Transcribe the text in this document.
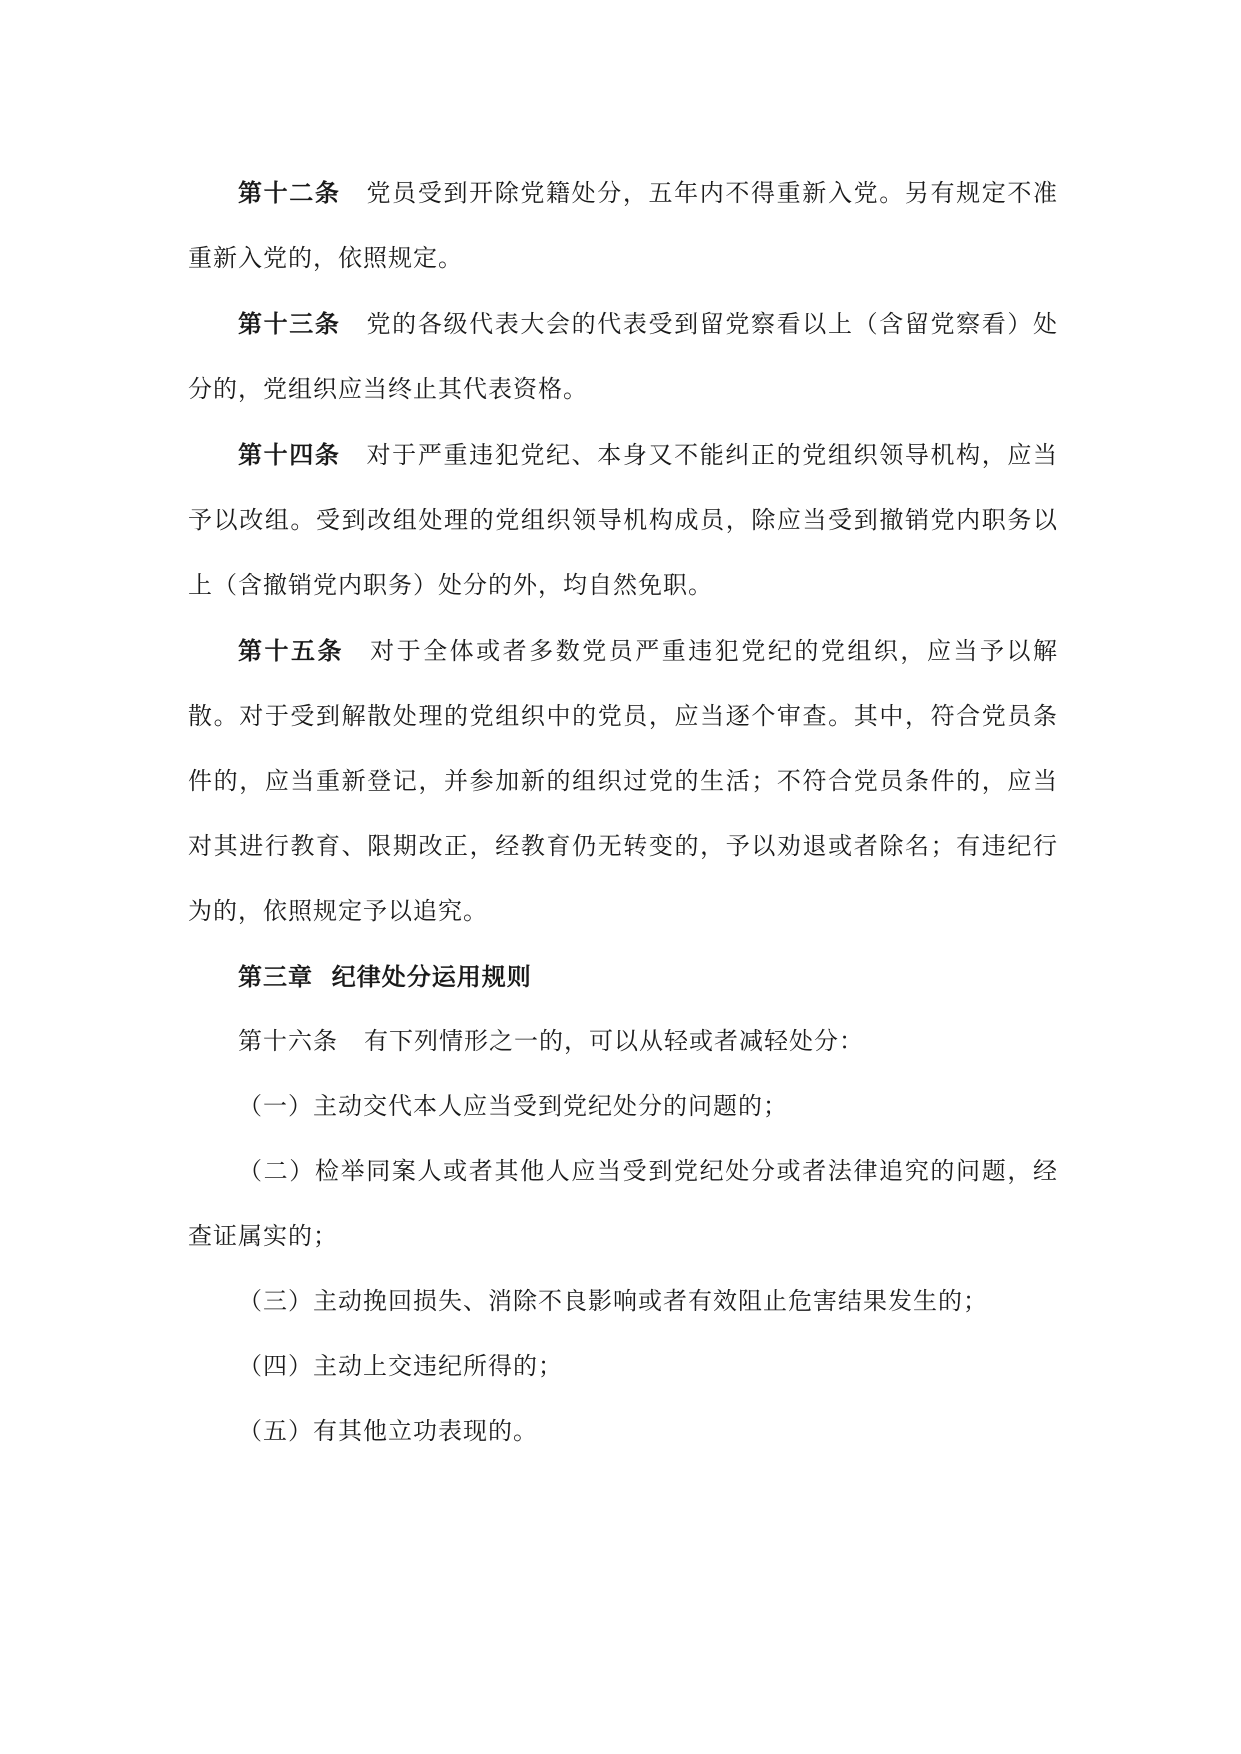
第十二条 党员受到开除党籍处分，五年内不得重新入党。另有规定不准重新入党的，依照规定。

第十三条 党的各级代表大会的代表受到留党察看以上（含留党察看）处分的，党组织应当终止其代表资格。

第十四条 对于严重违犯党纪、本身又不能纠正的党组织领导机构，应当予以改组。受到改组处理的党组织领导机构成员，除应当受到撤销党内职务以上（含撤销党内职务）处分的外，均自然免职。

第十五条 对于全体或者多数党员严重违犯党纪的党组织，应当予以解散。对于受到解散处理的党组织中的党员，应当逐个审查。其中，符合党员条件的，应当重新登记，并参加新的组织过党的生活；不符合党员条件的，应当对其进行教育、限期改正，经教育仍无转变的，予以劝退或者除名；有违纪行为的，依照规定予以追究。

第三章  纪律处分运用规则

第十六条 有下列情形之一的，可以从轻或者减轻处分：

（一）主动交代本人应当受到党纪处分的问题的；

（二）检举同案人或者其他人应当受到党纪处分或者法律追究的问题，经查证属实的；

（三）主动挽回损失、消除不良影响或者有效阻止危害结果发生的；

（四）主动上交违纪所得的；

（五）有其他立功表现的。
